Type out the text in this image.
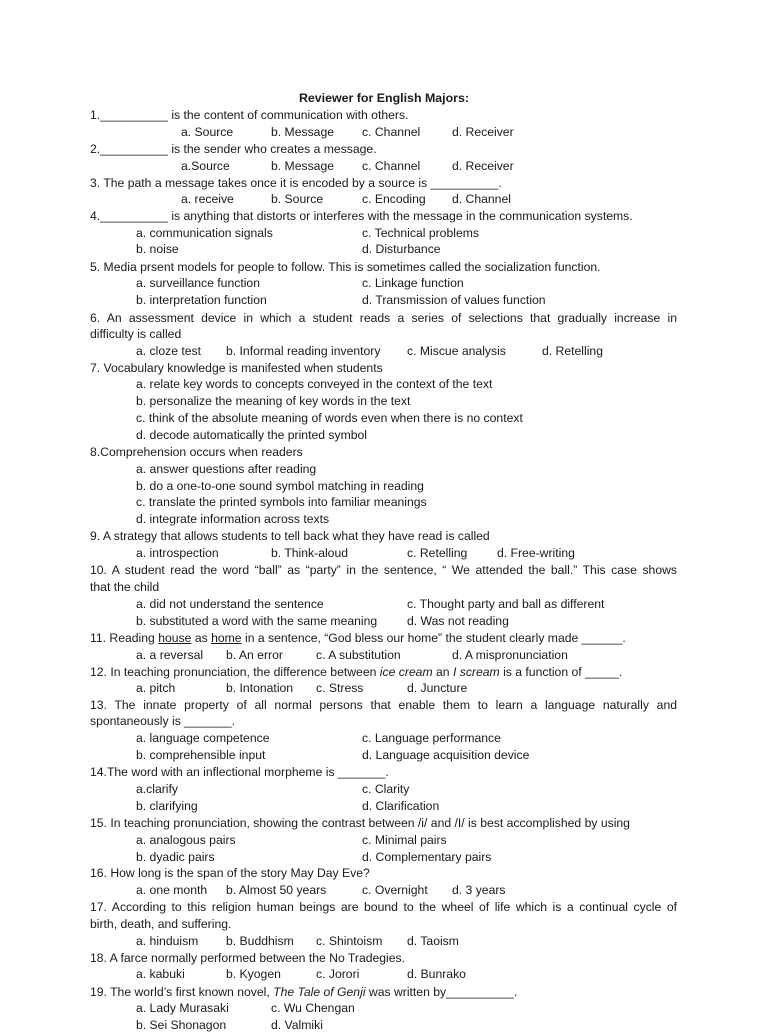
Reviewer for English Majors:
1.__________ is the content of communication with others.
a. Source	b. Message c. Channel	d. Receiver
2.__________ is the sender who creates a message.
a.Source	b. Message c. Channel	d. Receiver
3. The path a message takes once it is encoded by a source is __________.
a. receive	b. Source	c. Encoding d. Channel
4.__________ is anything that distorts or interferes with the message in the communication systems.
a. communication signals	c. Technical problems
b. noise	d. Disturbance
5. Media prsent models for people to follow. This is sometimes called the socialization function.
a. surveillance function	c. Linkage function
b. interpretation function	d. Transmission of values function
6. An assessment device in which a student reads a series of selections that gradually increase in
difficulty is called
a. cloze test b. Informal reading inventory c. Miscue analysis	d. Retelling
7. Vocabulary knowledge is manifested when students
a. relate key words to concepts conveyed in the context of the text
b. personalize the meaning of key words in the text
c. think of the absolute meaning of words even when there is no context
d. decode automatically the printed symbol
8.Comprehension occurs when readers
a. answer questions after reading
b. do a one-to-one sound symbol matching in reading
c. translate the printed symbols into familiar meanings
d. integrate information across texts
9. A strategy that allows students to tell back what they have read is called
a. introspection	b. Think-aloud	c. Retelling d. Free-writing
10. A student read the word “ball” as “party” in the sentence, “ We attended the ball.” This case shows
that the child
a. did not understand the sentence	c. Thought party and ball as different
b. substituted a word with the same meaning d. Was not reading
11. Reading house as home in a sentence, “God bless our home” the student clearly made ______.
a. a reversal b. An error	c. A substitution	d. A mispronunciation
12. In teaching pronunciation, the difference between ice cream an I scream is a function of _____.
a. pitch	b. Intonation c. Stress	d. Juncture
13. The innate property of all normal persons that enable them to learn a language naturally and
spontaneously is _______.
a. language competence	c. Language performance
b. comprehensible input	d. Language acquisition device
14.The word with an inflectional morpheme is _______.
a.clarify	c. Clarity
b. clarifying	d. Clarification
15. In teaching pronunciation, showing the contrast between /i/ and /I/ is best accomplished by using
a. analogous pairs	c. Minimal pairs
b. dyadic pairs	d. Complementary pairs
16. How long is the span of the story May Day Eve?
a. one month b. Almost 50 years	c. Overnight d. 3 years
17. According to this religion human beings are bound to the wheel of life which is a continual cycle of
birth, death, and suffering.
a. hinduism b. Buddhism c. Shintoism d. Taoism
18. A farce normally performed between the No Tradegies.
a. kabuki	b. Kyogen	c. Jorori	d. Bunrako
19. The world’s first known novel, The Tale of Genji was written by__________.
a. Lady Murasaki	c. Wu Chengan
b. Sei Shonagon	d. Valmiki
